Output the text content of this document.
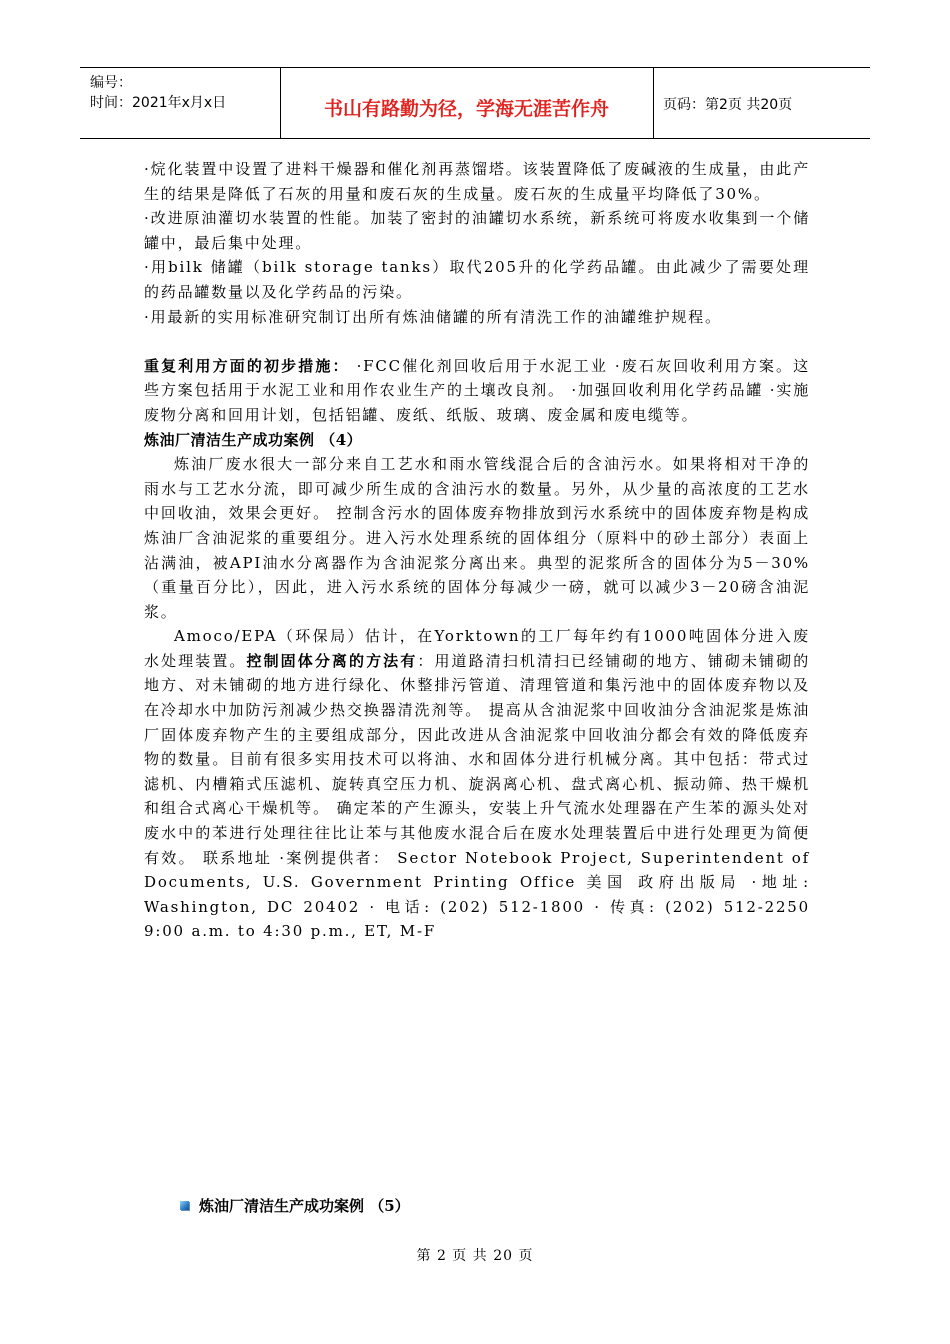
编号：
时间：2021年x月x日	书山有路勤为径，学海无涯苦作舟	页码：第2页 共20页

·烷化装置中设置了进料干燥器和催化剂再蒸馏塔。该装置降低了废碱液的生成量，由此产生的结果是降低了石灰的用量和废石灰的生成量。废石灰的生成量平均降低了30%。

·改进原油灌切水装置的性能。加装了密封的油罐切水系统，新系统可将废水收集到一个储罐中，最后集中处理。

·用bilk 储罐（bilk storage tanks）取代205升的化学药品罐。由此减少了需要处理的药品罐数量以及化学药品的污染。

·用最新的实用标准研究制订出所有炼油储罐的所有清洗工作的油罐维护规程。

重复利用方面的初步措施： ·FCC催化剂回收后用于水泥工业 ·废石灰回收利用方案。这些方案包括用于水泥工业和用作农业生产的土壤改良剂。 ·加强回收利用化学药品罐 ·实施废物分离和回用计划，包括铝罐、废纸、纸版、玻璃、废金属和废电缆等。

炼油厂清洁生产成功案例 （4）

炼油厂废水很大一部分来自工艺水和雨水管线混合后的含油污水。如果将相对干净的雨水与工艺水分流，即可减少所生成的含油污水的数量。另外，从少量的高浓度的工艺水中回收油，效果会更好。 控制含污水的固体废弃物排放到污水系统中的固体废弃物是构成炼油厂含油泥浆的重要组分。进入污水处理系统的固体组分（原料中的砂土部分）表面上沾满油，被API油水分离器作为含油泥浆分离出来。典型的泥浆所含的固体分为5－30%（重量百分比），因此，进入污水系统的固体分每减少一磅，就可以减少3－20磅含油泥浆。

Amoco/EPA（环保局）估计，在Yorktown的工厂每年约有1000吨固体分进入废水处理装置。控制固体分离的方法有：用道路清扫机清扫已经铺砌的地方、铺砌未铺砌的地方、对未铺砌的地方进行绿化、休整排污管道、清理管道和集污池中的固体废弃物以及在冷却水中加防污剂减少热交换器清洗剂等。 提高从含油泥浆中回收油分含油泥浆是炼油厂固体废弃物产生的主要组成部分，因此改进从含油泥浆中回收油分都会有效的降低废弃物的数量。目前有很多实用技术可以将油、水和固体分进行机械分离。其中包括：带式过滤机、内槽箱式压滤机、旋转真空压力机、旋涡离心机、盘式离心机、振动筛、热干燥机和组合式离心干燥机等。 确定苯的产生源头，安装上升气流水处理器在产生苯的源头处对废水中的苯进行处理往往比让苯与其他废水混合后在废水处理装置后中进行处理更为简便有效。 联系地址 ·案例提供者： Sector Notebook Project, Superintendent of Documents, U.S. Government Printing Office 美国 政府出版局 ·地址: Washington, DC 20402 · 电话: (202) 512-1800 · 传真: (202) 512-2250 9:00 a.m. to 4:30 p.m., ET, M-F

炼油厂清洁生产成功案例 （5）
第 2 页 共 20 页
